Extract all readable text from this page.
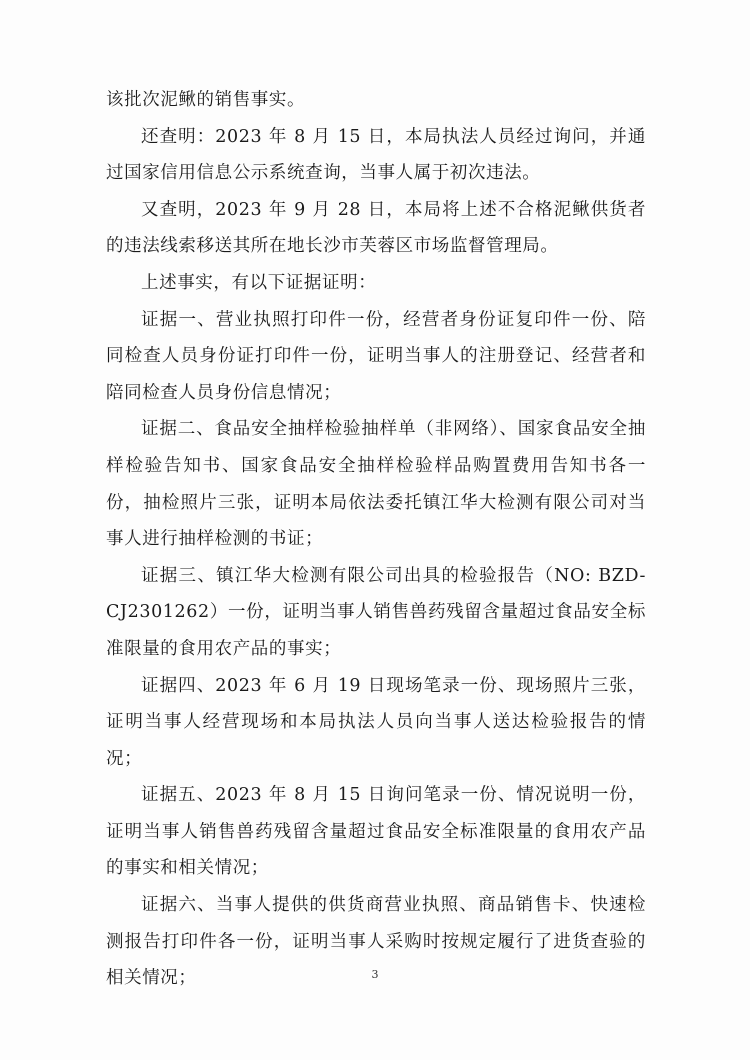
该批次泥鳅的销售事实。

还查明：2023 年 8 月 15 日，本局执法人员经过询问，并通过国家信用信息公示系统查询，当事人属于初次违法。

又查明，2023 年 9 月 28 日，本局将上述不合格泥鳅供货者的违法线索移送其所在地长沙市芙蓉区市场监督管理局。

上述事实，有以下证据证明：

证据一、营业执照打印件一份，经营者身份证复印件一份、陪同检查人员身份证打印件一份，证明当事人的注册登记、经营者和陪同检查人员身份信息情况；

证据二、食品安全抽样检验抽样单（非网络）、国家食品安全抽样检验告知书、国家食品安全抽样检验样品购置费用告知书各一份，抽检照片三张，证明本局依法委托镇江华大检测有限公司对当事人进行抽样检测的书证；

证据三、镇江华大检测有限公司出具的检验报告（NO: BZD-CJ2301262）一份，证明当事人销售兽药残留含量超过食品安全标准限量的食用农产品的事实；

证据四、2023 年 6 月 19 日现场笔录一份、现场照片三张，证明当事人经营现场和本局执法人员向当事人送达检验报告的情况；

证据五、2023 年 8 月 15 日询问笔录一份、情况说明一份，证明当事人销售兽药残留含量超过食品安全标准限量的食用农产品的事实和相关情况；

证据六、当事人提供的供货商营业执照、商品销售卡、快速检测报告打印件各一份，证明当事人采购时按规定履行了进货查验的相关情况；	3
